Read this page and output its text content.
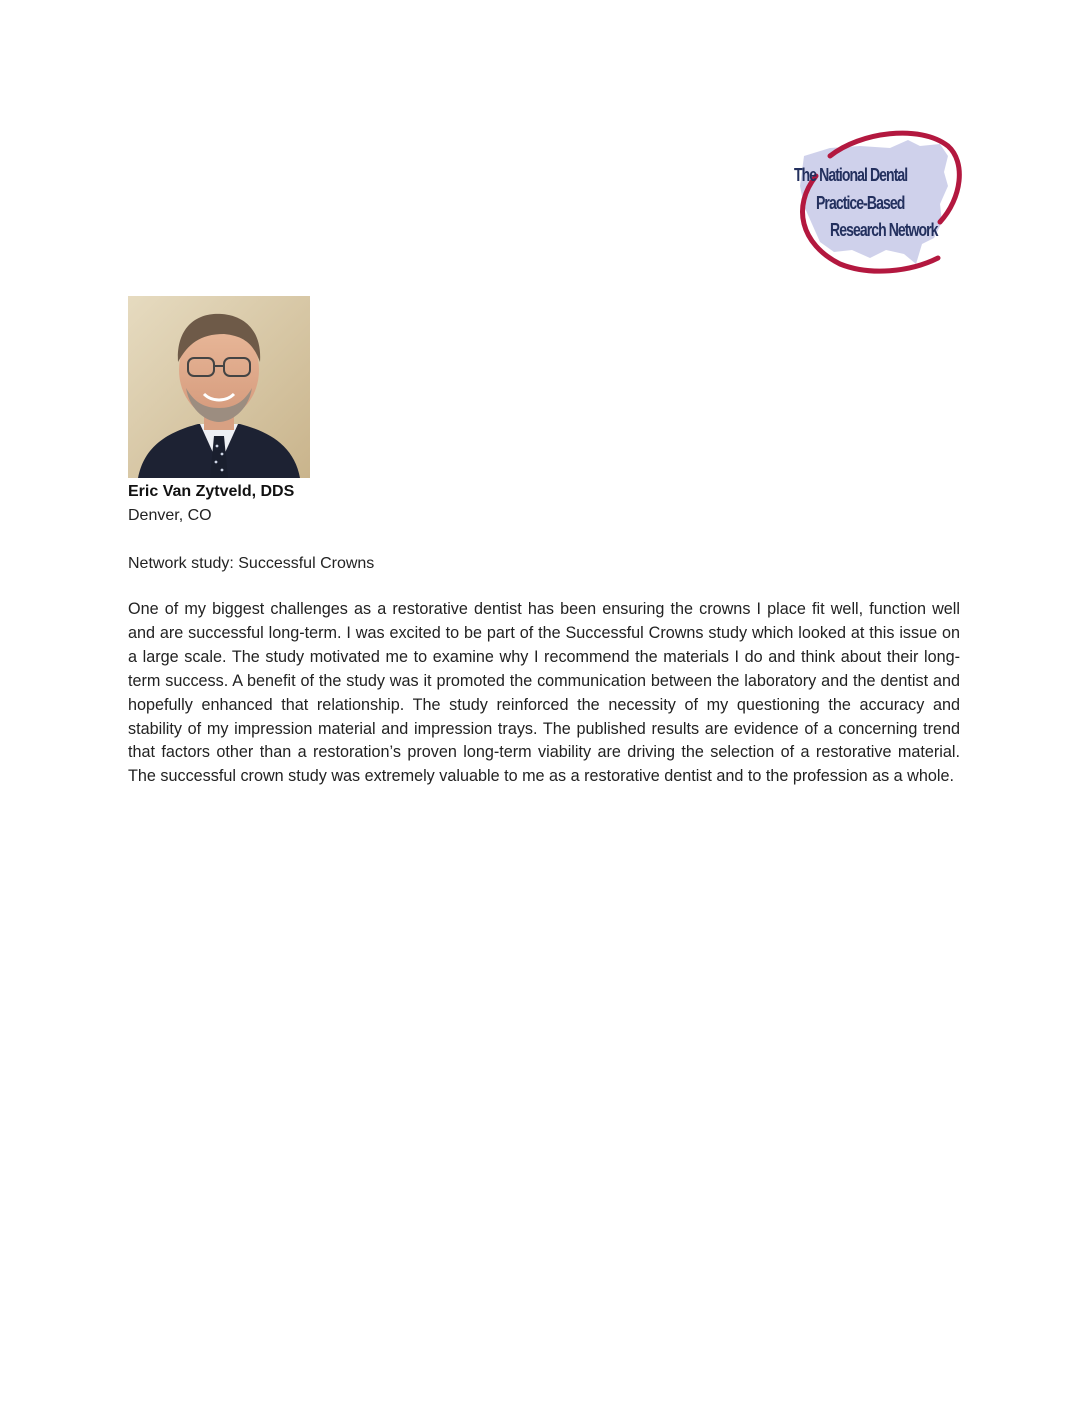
The National Dental
Practice-Based
Research Network
Eric Van Zytveld, DDS
Denver, CO
Network study: Successful Crowns

One of my biggest challenges as a restorative dentist has been ensuring the crowns I place fit well, function well and are successful long-term. I was excited to be part of the Successful Crowns study which looked at this issue on a large scale. The study motivated me to examine why I recommend the materials I do and think about their long-term success. A benefit of the study was it promoted the communication between the laboratory and the dentist and hopefully enhanced that relationship. The study reinforced the necessity of my questioning the accuracy and stability of my impression material and impression trays. The published results are evidence of a concerning trend that factors other than a restoration’s proven long-term viability are driving the selection of a restorative material. The successful crown study was extremely valuable to me as a restorative dentist and to the profession as a whole.
